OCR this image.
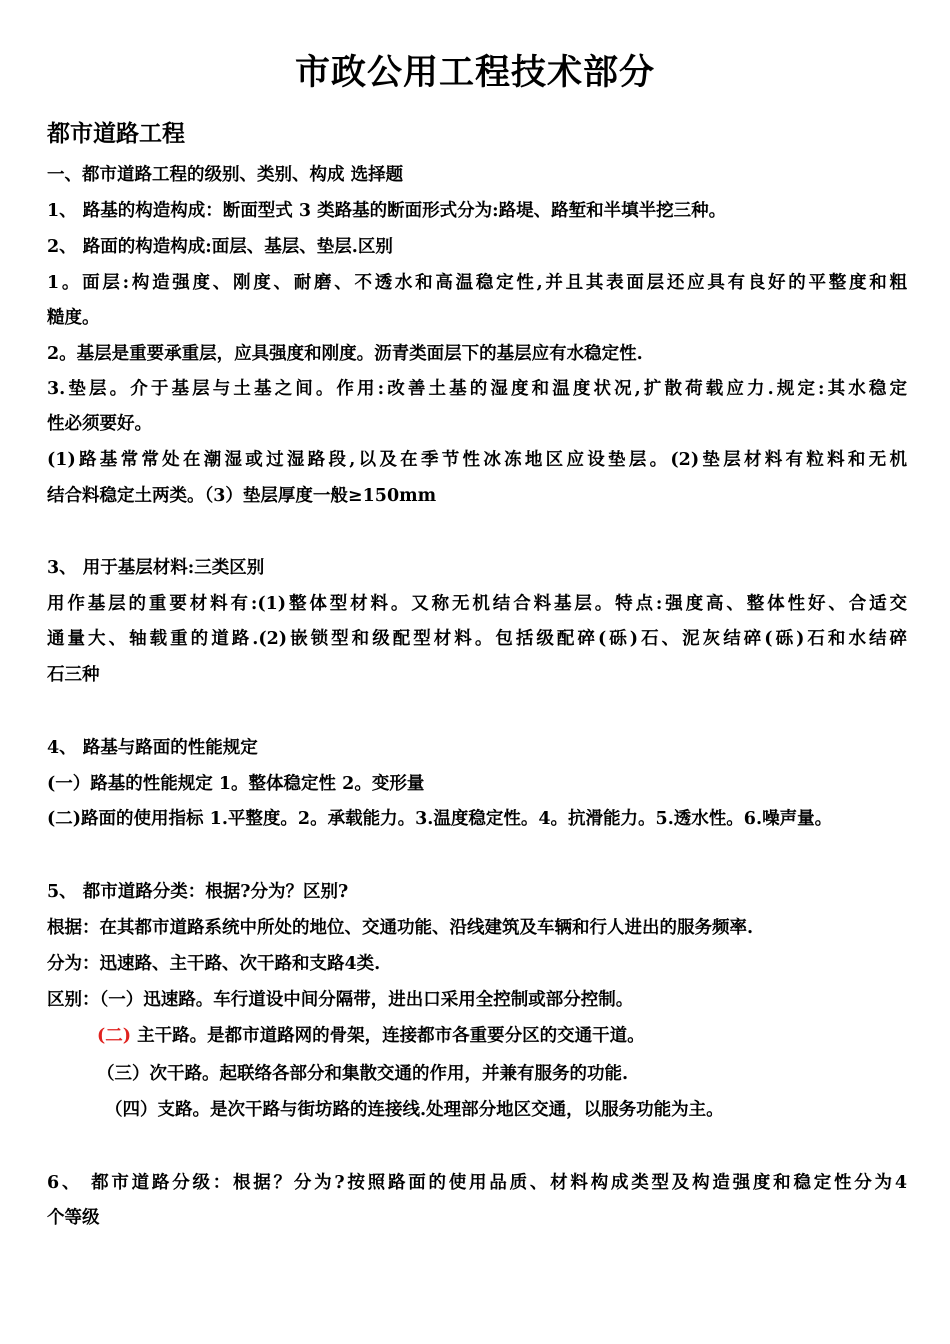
市政公用工程技术部分
都市道路工程
一、都市道路工程的级别、类别、构成 选择题
1、 路基的构造构成：断面型式 3 类路基的断面形式分为:路堤、路堑和半填半挖三种。
2、 路面的构造构成:面层、基层、垫层.区别
1。面层:构造强度、刚度、耐磨、不透水和高温稳定性,并且其表面层还应具有良好的平整度和粗
糙度。
2。基层是重要承重层，应具强度和刚度。沥青类面层下的基层应有水稳定性.
3.垫层。介于基层与土基之间。作用:改善土基的湿度和温度状况,扩散荷载应力.规定:其水稳定
性必须要好。
(1)路基常常处在潮湿或过湿路段,以及在季节性冰冻地区应设垫层。(2)垫层材料有粒料和无机
结合料稳定土两类。（3）垫层厚度一般≥150mm
3、 用于基层材料:三类区别
用作基层的重要材料有:(1)整体型材料。又称无机结合料基层。特点:强度高、整体性好、合适交
通量大、轴载重的道路.(2)嵌锁型和级配型材料。包括级配碎(砾)石、泥灰结碎(砾)石和水结碎
石三种
4、 路基与路面的性能规定
(一）路基的性能规定 1。整体稳定性 2。变形量
(二)路面的使用指标 1.平整度。2。承载能力。3.温度稳定性。4。抗滑能力。5.透水性。6.噪声量。
5、 都市道路分类：根据?分为？区别?
根据：在其都市道路系统中所处的地位、交通功能、沿线建筑及车辆和行人进出的服务频率.
分为：迅速路、主干路、次干路和支路4类.
区别：（一）迅速路。车行道设中间分隔带，进出口采用全控制或部分控制。
(二) 主干路。是都市道路网的骨架，连接都市各重要分区的交通干道。
（三）次干路。起联络各部分和集散交通的作用，并兼有服务的功能.
（四）支路。是次干路与街坊路的连接线.处理部分地区交通，以服务功能为主。
6、 都市道路分级：根据？分为?按照路面的使用品质、材料构成类型及构造强度和稳定性分为4
个等级
